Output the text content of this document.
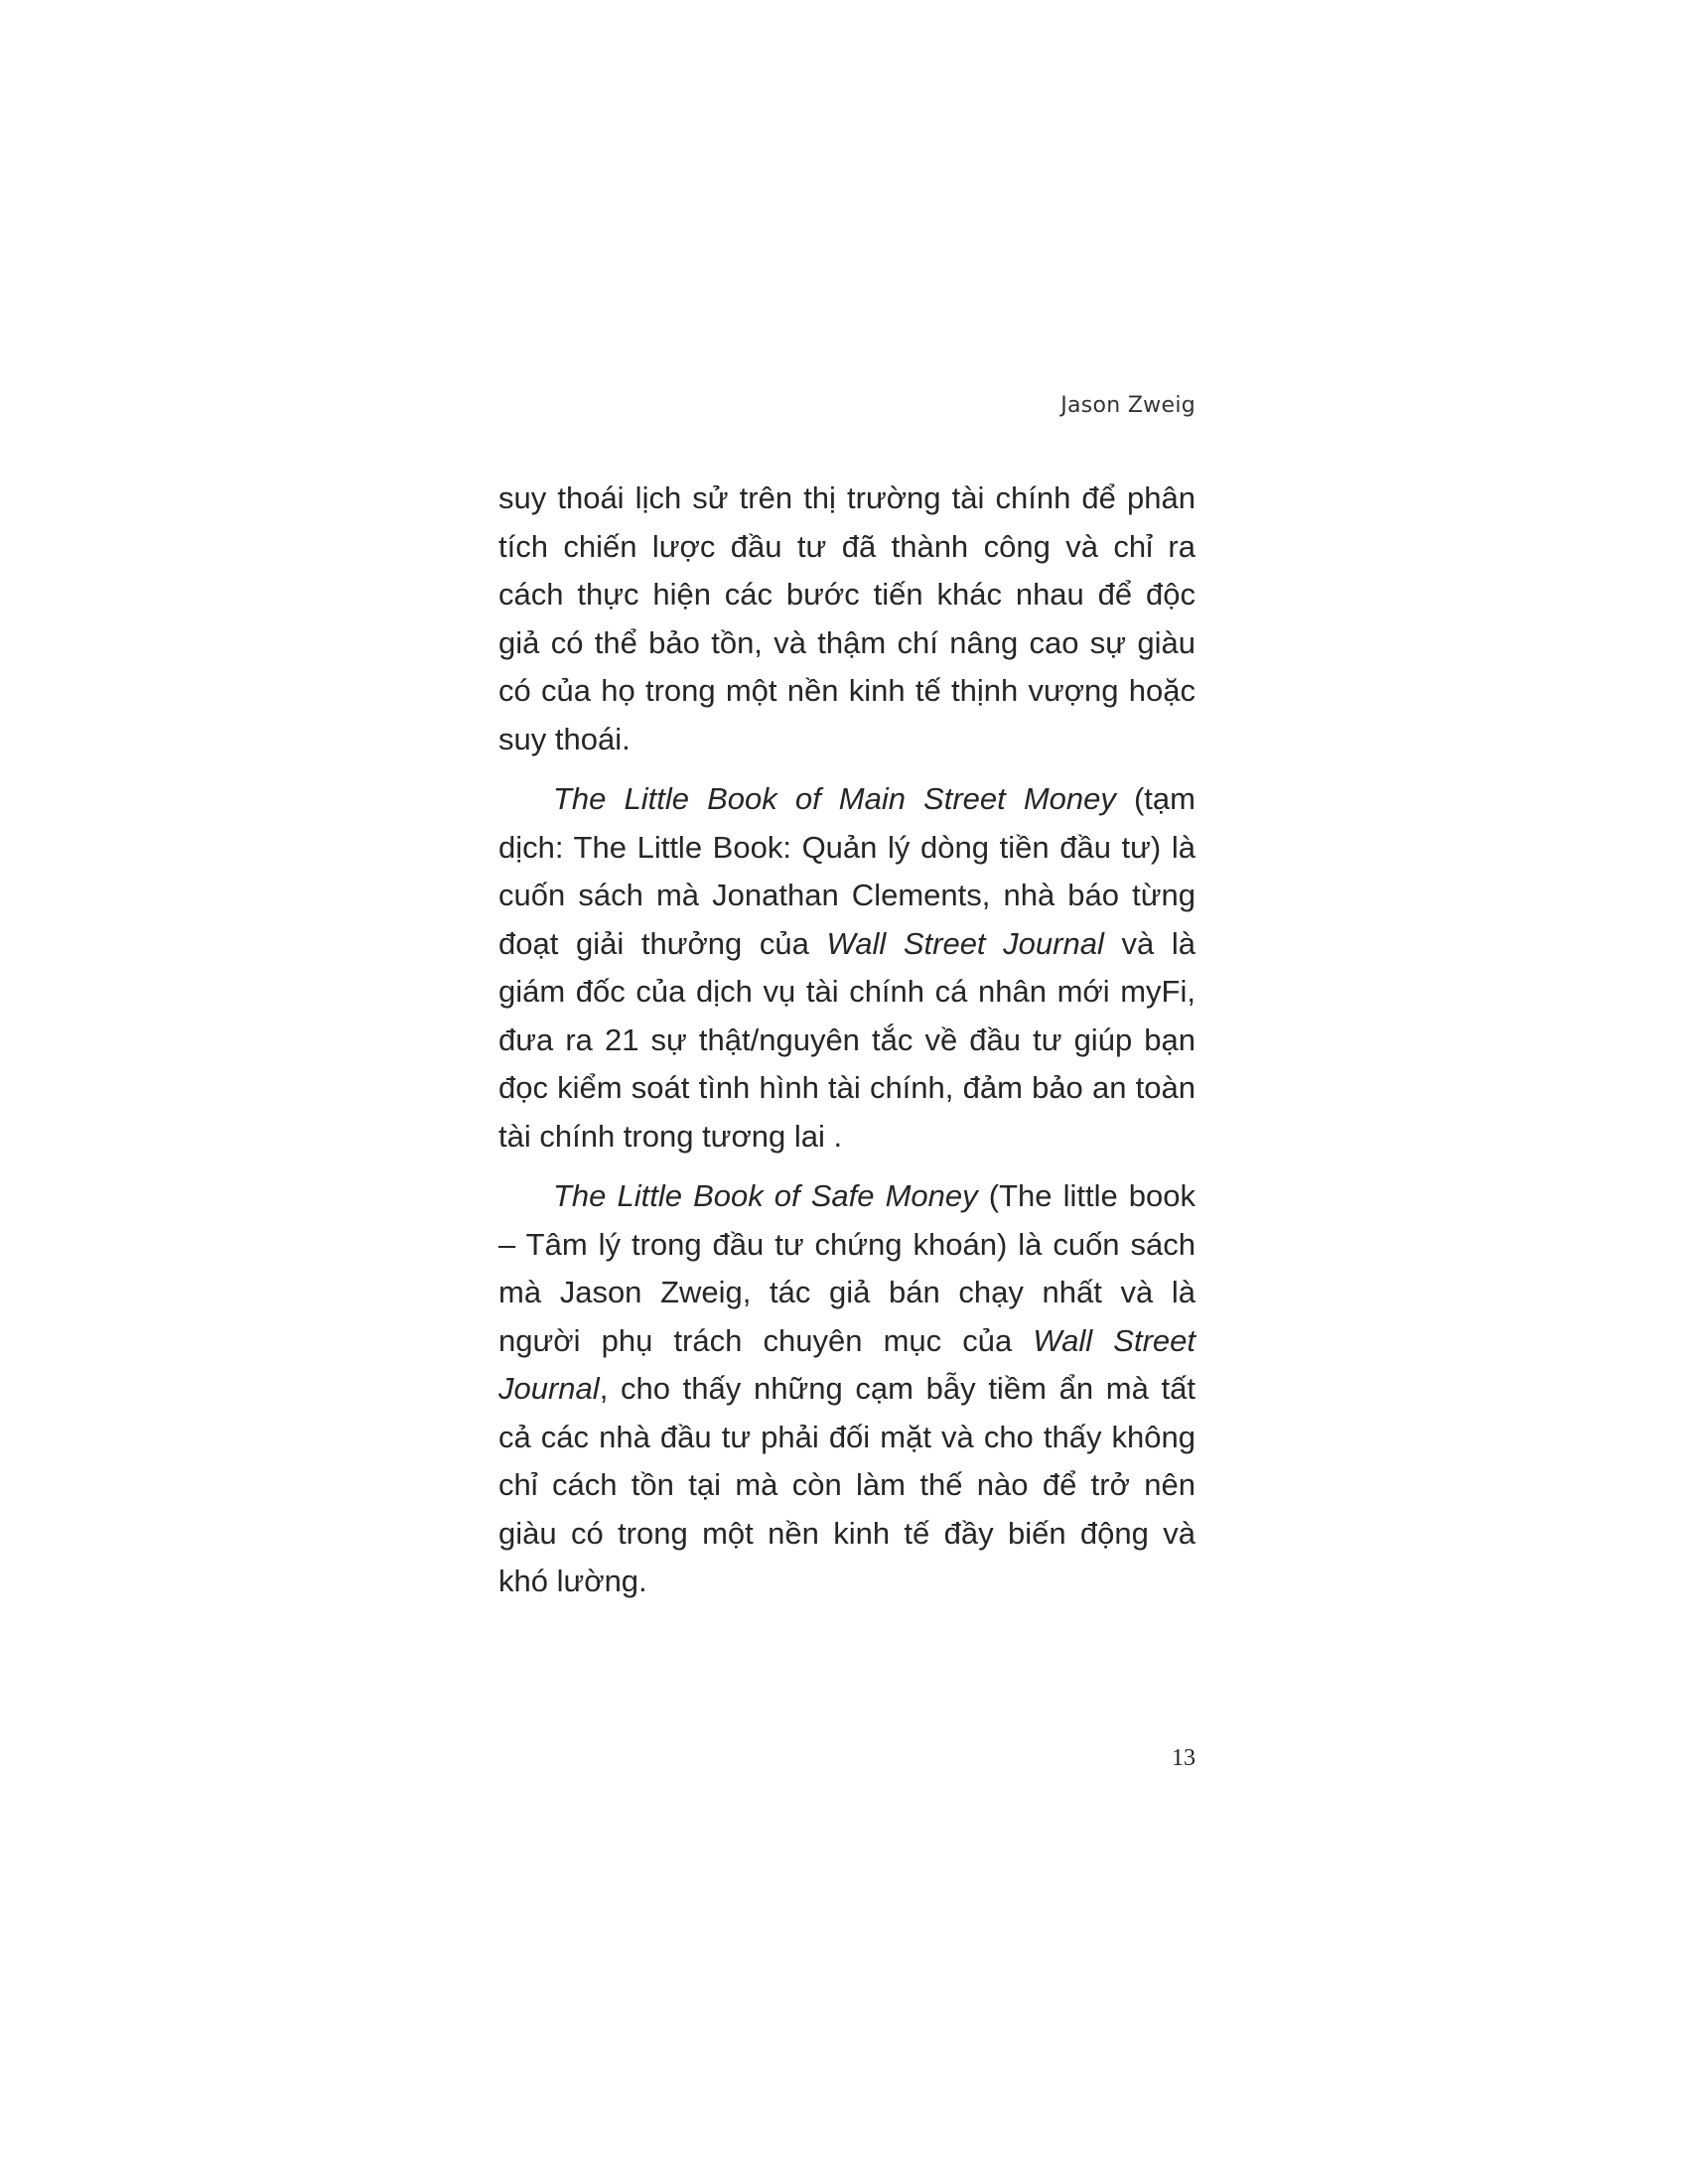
Jason Zweig

suy thoái lịch sử trên thị trường tài chính để phân tích chiến lược đầu tư đã thành công và chỉ ra cách thực hiện các bước tiến khác nhau để độc giả có thể bảo tồn, và thậm chí nâng cao sự giàu có của họ trong một nền kinh tế thịnh vượng hoặc suy thoái.

The Little Book of Main Street Money (tạm dịch: The Little Book: Quản lý dòng tiền đầu tư) là cuốn sách mà Jonathan Clements, nhà báo từng đoạt giải thưởng của Wall Street Journal và là giám đốc của dịch vụ tài chính cá nhân mới myFi, đưa ra 21 sự thật/nguyên tắc về đầu tư giúp bạn đọc kiểm soát tình hình tài chính, đảm bảo an toàn tài chính trong tương lai .

The Little Book of Safe Money (The little book – Tâm lý trong đầu tư chứng khoán) là cuốn sách mà Jason Zweig, tác giả bán chạy nhất và là người phụ trách chuyên mục của Wall Street Journal, cho thấy những cạm bẫy tiềm ẩn mà tất cả các nhà đầu tư phải đối mặt và cho thấy không chỉ cách tồn tại mà còn làm thế nào để trở nên giàu có trong một nền kinh tế đầy biến động và khó lường.

13
